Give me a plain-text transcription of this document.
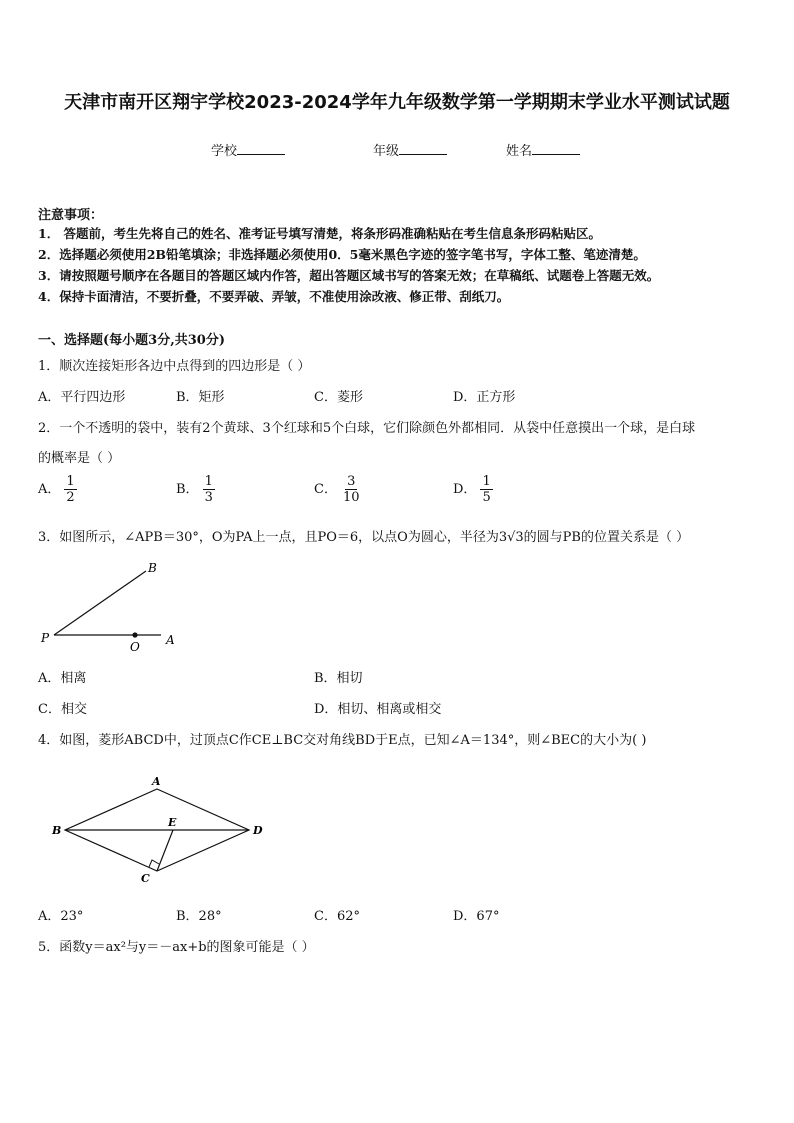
天津市南开区翔宇学校2023-2024学年九年级数学第一学期期末学业水平测试试题
学校	年级	姓名
注意事项：
1． 答题前，考生先将自己的姓名、准考证号填写清楚，将条形码准确粘贴在考生信息条形码粘贴区。
2．选择题必须使用2B铅笔填涂；非选择题必须使用0．5毫米黑色字迹的签字笔书写，字体工整、笔迹清楚。
3．请按照题号顺序在各题目的答题区域内作答，超出答题区域书写的答案无效；在草稿纸、试题卷上答题无效。
4．保持卡面清洁，不要折叠，不要弄破、弄皱，不准使用涂改液、修正带、刮纸刀。
一、选择题(每小题3分,共30分)
1．顺次连接矩形各边中点得到的四边形是（ ）
A．平行四边形	B．矩形	C．菱形	D．正方形
2．一个不透明的袋中，装有2个黄球、3个红球和5个白球，它们除颜色外都相同．从袋中任意摸出一个球，是白球
的概率是（ ）
A． $\frac{1}{2}$	B． $\frac{1}{3}$	C． $\frac{3}{10}$	D． $\frac{1}{5}$
3．如图所示，∠APB＝30°，O为PA上一点，且PO＝6，以点O为圆心，半径为3√3的圆与PB的位置关系是（ ）
B
P
O A
A．相离	B．相切
C．相交	D．相切、相离或相交
4．如图，菱形ABCD中，过顶点C作CE⊥BC交对角线BD于E点，已知∠A＝134°，则∠BEC的大小为( )
A
B
C
D
E
A．23°	B．28°	C．62°	D．67°
5．函数y＝ax²与y＝－ax+b的图象可能是（ ）
